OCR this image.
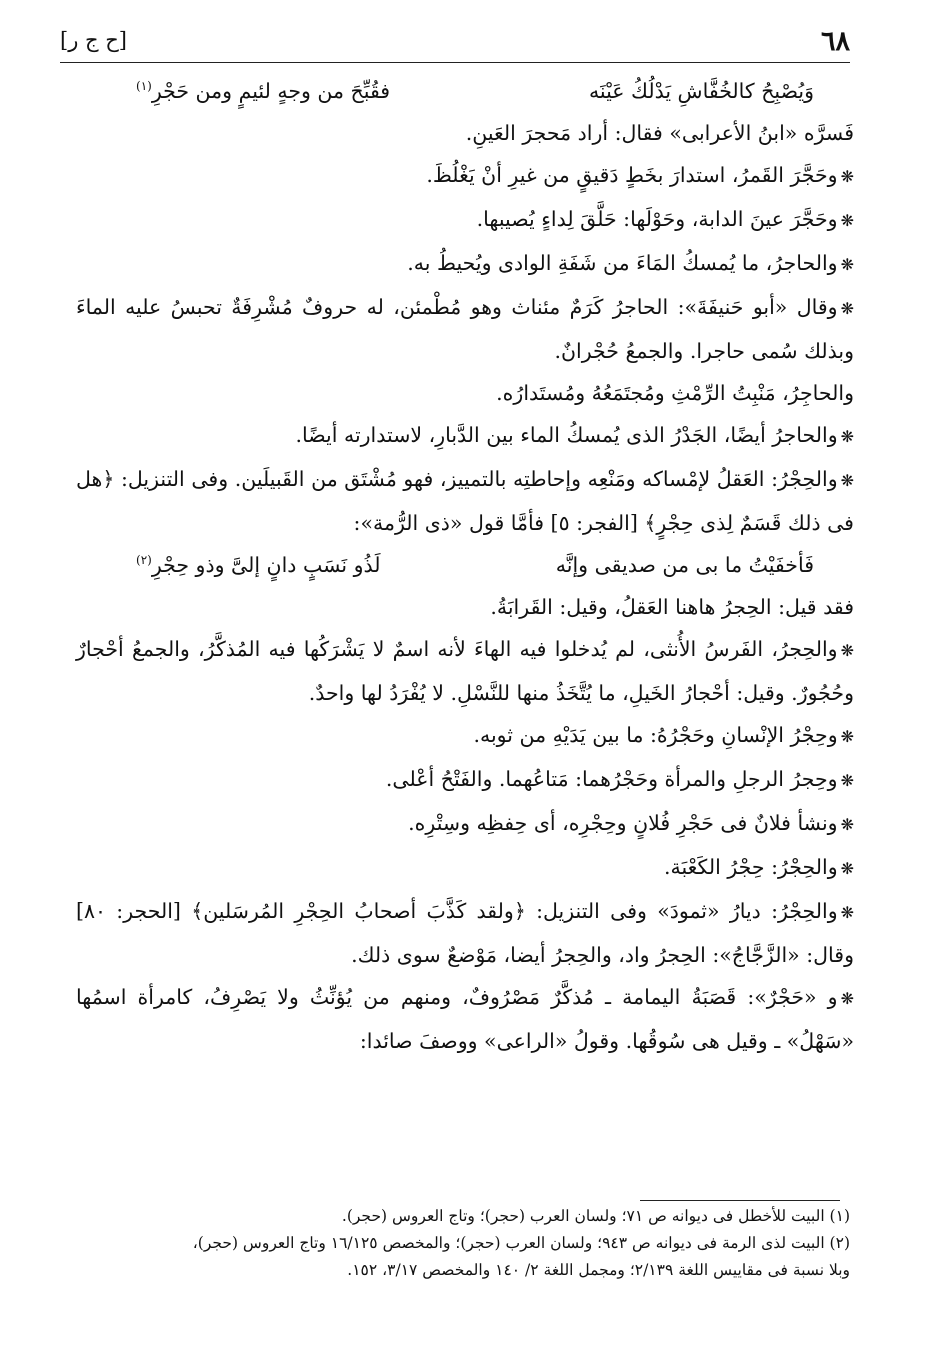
٦٨
[ح ج ر]

وَيُصْبِحُ كالخُفَّاشِ يَدْلُكُ عَيْنَه
فقُبِّحَ من وجهٍ لئيمٍ ومن حَجْرِ$^{(١)}$

فَسرَّه «ابنُ الأعرابى» فقال: أراد مَحجرَ العَينِ.

❋وحَجَّرَ القَمرُ، استدارَ بخَطٍ دَقيقٍ من غيرِ أنْ يَغْلُظَ.

❋وحَجَّرَ عينَ الدابة، وحَوْلَها: حَلَّقَ لِداءٍ يُصيبها.

❋والحاجرُ، ما يُمسكُ المَاءَ من شَفَةِ الوادى ويُحيطُ به.

❋وقال «أبو حَنيفَةَ»: الحاجرُ كَرَمٌ مئناث وهو مُطْمئن، له حروفٌ مُشْرِفَةٌ تحبسُ عليه الماءَ وبذلك سُمى حاجرا. والجمعُ حُجْرانٌ.

والحاجِرُ، مَنْبِتُ الرِّمْثِ ومُجتَمَعُهُ ومُستَدارُه.

❋والحاجرُ أيضًا، الجَدْرُ الذى يُمسكُ الماء بين الدَّبارِ، لاستدارته أيضًا.

❋والحِجْرُ: العَقلُ لإمْساكه ومَنْعِه وإحاطتِه بالتمييز، فهو مُشْتَق من القَبيلَين. وفى التنزيل: ﴿هل فى ذلك قَسَمٌ لِذى حِجْرٍ﴾ [الفجر: ٥] فأمَّا قول «ذى الرُّمة»:

فَأخفَيْتُ ما بى من صديقى وإنَّه
لَذُو نَسَبٍ دانٍ إلىَّ وذو حِجْرِ$^{(٢)}$

فقد قيل: الحِجرُ هاهنا العَقلُ، وقيل: القَرابَةُ.

❋والحِجرُ، الفَرسُ الأُنثى، لم يُدخلوا فيه الهاءَ لأنه اسمٌ لا يَشْرَكُها فيه المُذكَّرُ، والجمعُ أحْجارٌ وحُجُورٌ. وقيل: أحْجارُ الخَيلِ، ما يُتَّخَذُ منها للنَّسْلِ. لا يُفْرَدُ لها واحدٌ.

❋وحِجْرُ الإنْسانِ وحَجْرُهُ: ما بين يَدَيْهِ من ثوبه.

❋وحِجرُ الرجلِ والمرأة وحَجْرُهما: مَتاعُهما. والفَتْحُ أعْلى.

❋ونشأ فلانٌ فى حَجْرِ فُلانٍ وحِجْرِه، أى حِفظِه وسِتْرِه.

❋والحِجْرُ: حِجْرُ الكَعْبَة.

❋والحِجْرُ: ديارُ «ثمودَ» وفى التنزيل: ﴿ولقد كَذَّبَ أصحابُ الحِجْرِ المُرسَلين﴾ [الحجر: ٨٠] وقال: «الزَّجَّاجُ»: الحِجرُ واد، والحِجرُ أيضا، مَوْضعٌ سوى ذلك.

❋و «حَجْرٌ»: قَصَبَةُ اليمامة ـ مُذكَّرٌ مَصْرُوفٌ، ومنهم من يُؤنِّثُ ولا يَصْرِفُ، كامرأة اسمُها «سَهْلُ» ـ وقيل هى سُوقُها. وقولُ «الراعى» ووصفَ صائدا:

(١) البيت للأخطل فى ديوانه ص ٧١؛ ولسان العرب (حجر)؛ وتاج العروس (حجر).

(٢) البيت لذى الرمة فى ديوانه ص ٩٤٣؛ ولسان العرب (حجر)؛ والمخصص ١٦/١٢٥ وتاج العروس (حجر)،

وبلا نسبة فى مقاييس اللغة ٢/١٣٩؛ ومجمل اللغة ٢/ ١٤٠ والمخصص ٣/١٧، ١٥٢.
